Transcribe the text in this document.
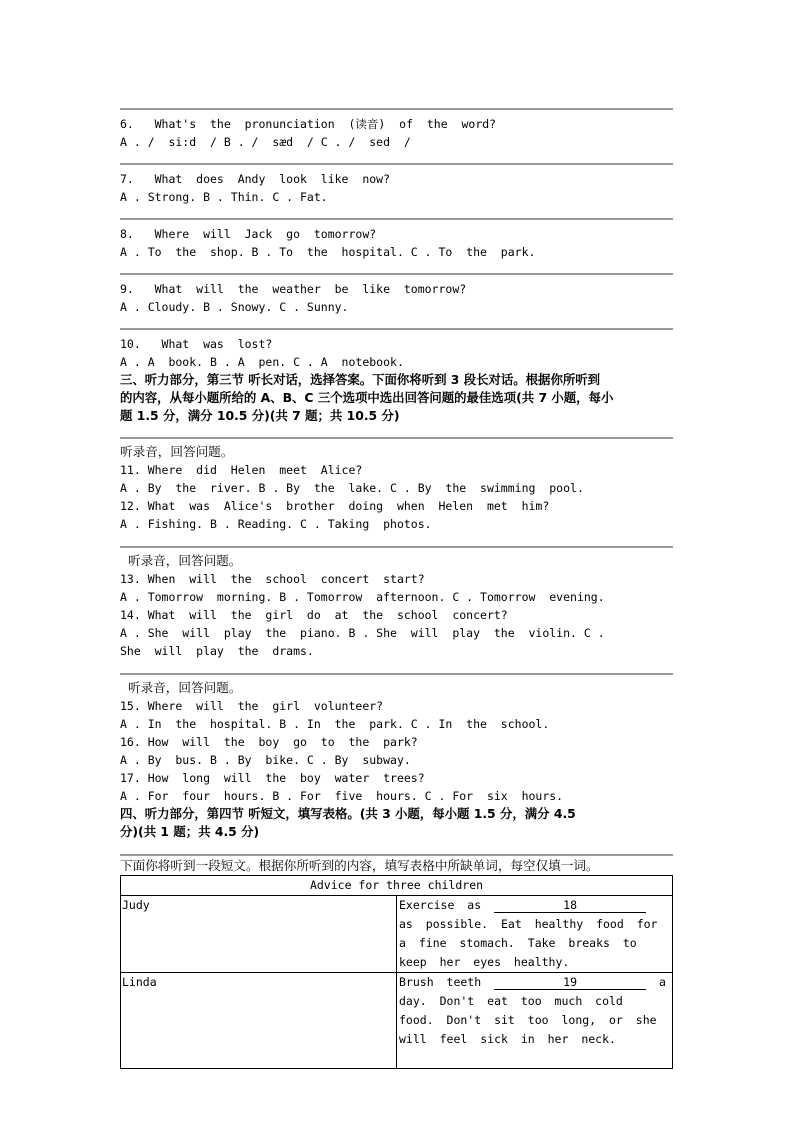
6.   What's  the  pronunciation  (读音)  of  the  word?
A . /  si:d  / B . /  sæd  / C . /  sed  /
7.   What  does  Andy  look  like  now?
A . Strong. B . Thin. C . Fat.
8.   Where  will  Jack  go  tomorrow?
A . To  the  shop. B . To  the  hospital. C . To  the  park.
9.   What  will  the  weather  be  like  tomorrow?
A . Cloudy. B . Snowy. C . Sunny.
10.   What  was  lost?
A . A  book. B . A  pen. C . A  notebook.
三、听力部分，第三节 听长对话，选择答案。下面你将听到 3 段长对话。根据你所听到
的内容，从每小题所给的 A、B、C 三个选项中选出回答问题的最佳选项(共 7 小题，每小
题 1.5 分，满分 10.5 分)(共 7 题；共 10.5 分)
听录音，回答问题。
11. Where  did  Helen  meet  Alice?
A . By  the  river. B . By  the  lake. C . By  the  swimming  pool.
12. What  was  Alice's  brother  doing  when  Helen  met  him?
A . Fishing. B . Reading. C . Taking  photos.
听录音，回答问题。
13. When  will  the  school  concert  start?
A . Tomorrow  morning. B . Tomorrow  afternoon. C . Tomorrow  evening.
14. What  will  the  girl  do  at  the  school  concert?
A . She  will  play  the  piano. B . She  will  play  the  violin. C .
She  will  play  the  drams.
听录音，回答问题。
15. Where  will  the  girl  volunteer?
A . In  the  hospital. B . In  the  park. C . In  the  school.
16. How  will  the  boy  go  to  the  park?
A . By  bus. B . By  bike. C . By  subway.
17. How  long  will  the  boy  water  trees?
A . For  four  hours. B . For  five  hours. C . For  six  hours.
四、听力部分，第四节 听短文，填写表格。(共 3 小题，每小题 1.5 分，满分 4.5
分)(共 1 题；共 4.5 分)
下面你将听到一段短文。根据你所听到的内容，填写表格中所缺单词，每空仅填一词。
Advice for three children	
Judy	Exercise as 18 as possible. Eat healthy food for a fine stomach. Take breaks to keep her eyes healthy.
Linda	Brush teeth 19 a day. Don't eat too much cold food. Don't sit too long, or she will feel sick in her neck.
